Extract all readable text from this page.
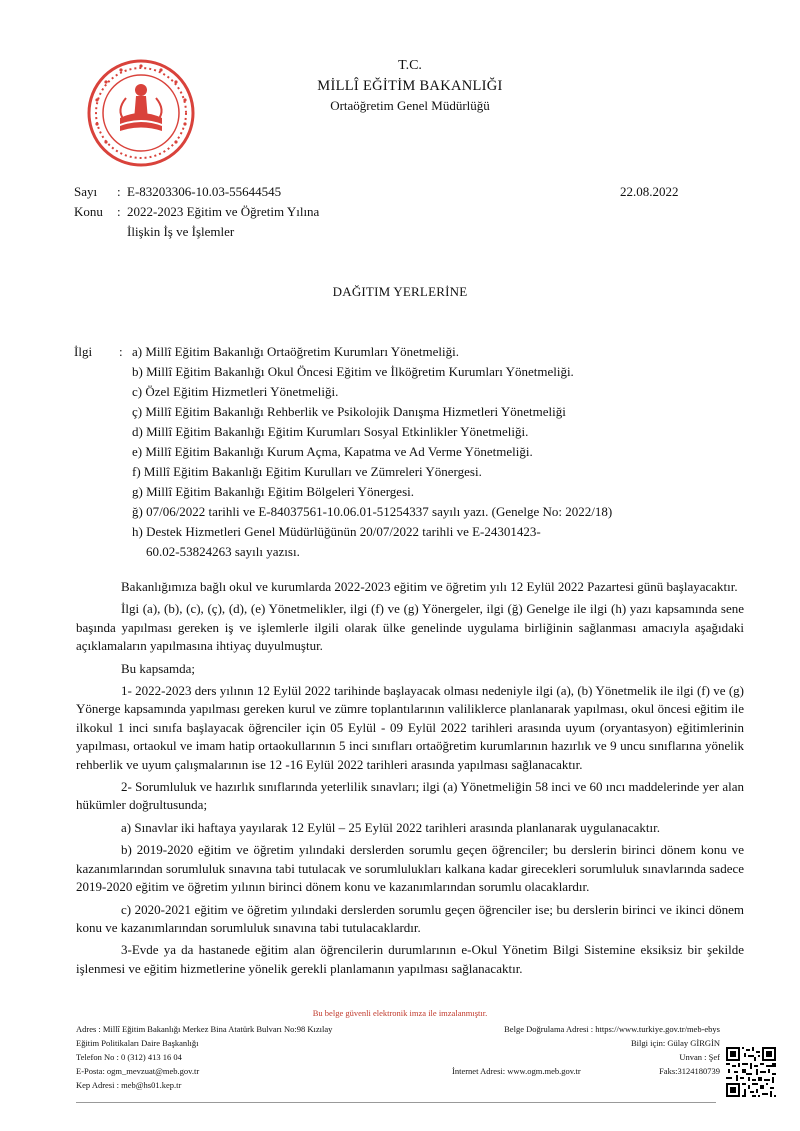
T.C.
MİLLÎ EĞİTİM BAKANLIĞI
Ortaöğretim Genel Müdürlüğü
Sayı : E-83203306-10.03-55644545	22.08.2022
Konu : 2022-2023 Eğitim ve Öğretim Yılına
İlişkin İş ve İşlemler
DAĞITIM YERLERİNE
İlgi : a) Millî Eğitim Bakanlığı Ortaöğretim Kurumları Yönetmeliği.
b) Millî Eğitim Bakanlığı Okul Öncesi Eğitim ve İlköğretim Kurumları Yönetmeliği.
c) Özel Eğitim Hizmetleri Yönetmeliği.
ç) Millî Eğitim Bakanlığı Rehberlik ve Psikolojik Danışma Hizmetleri Yönetmeliği
d) Millî Eğitim Bakanlığı Eğitim Kurumları Sosyal Etkinlikler Yönetmeliği.
e) Millî Eğitim Bakanlığı Kurum Açma, Kapatma ve Ad Verme Yönetmeliği.
f) Millî Eğitim Bakanlığı Eğitim Kurulları ve Zümreleri Yönergesi.
g) Millî Eğitim Bakanlığı Eğitim Bölgeleri Yönergesi.
ğ) 07/06/2022 tarihli ve E-84037561-10.06.01-51254337 sayılı yazı. (Genelge No: 2022/18)
h) Destek Hizmetleri Genel Müdürlüğünün 20/07/2022 tarihli ve E-24301423-
60.02-53824263 sayılı yazısı.

Bakanlığımıza bağlı okul ve kurumlarda 2022-2023 eğitim ve öğretim yılı 12 Eylül 2022 Pazartesi günü başlayacaktır.

İlgi (a), (b), (c), (ç), (d), (e) Yönetmelikler, ilgi (f) ve (g) Yönergeler, ilgi (ğ) Genelge ile ilgi (h) yazı kapsamında sene başında yapılması gereken iş ve işlemlerle ilgili olarak ülke genelinde uygulama birliğinin sağlanması amacıyla aşağıdaki açıklamaların yapılmasına ihtiyaç duyulmuştur.

Bu kapsamda;

1- 2022-2023 ders yılının 12 Eylül 2022 tarihinde başlayacak olması nedeniyle ilgi (a), (b) Yönetmelik ile ilgi (f) ve (g) Yönerge kapsamında yapılması gereken kurul ve zümre toplantılarının valiliklerce planlanarak yapılması, okul öncesi eğitim ile ilkokul 1 inci sınıfa başlayacak öğrenciler için 05 Eylül - 09 Eylül 2022 tarihleri arasında uyum (oryantasyon) eğitimlerinin yapılması, ortaokul ve imam hatip ortaokullarının 5 inci sınıfları ortaöğretim kurumlarının hazırlık ve 9 uncu sınıflarına yönelik rehberlik ve uyum çalışmalarının ise 12 -16 Eylül 2022 tarihleri arasında yapılması sağlanacaktır.

2- Sorumluluk ve hazırlık sınıflarında yeterlilik sınavları; ilgi (a) Yönetmeliğin 58 inci ve 60 ıncı maddelerinde yer alan hükümler doğrultusunda;

a) Sınavlar iki haftaya yayılarak 12 Eylül – 25 Eylül 2022 tarihleri arasında planlanarak uygulanacaktır.

b) 2019-2020 eğitim ve öğretim yılındaki derslerden sorumlu geçen öğrenciler; bu derslerin birinci dönem konu ve kazanımlarından sorumluluk sınavına tabi tutulacak ve sorumlulukları kalkana kadar girecekleri sorumluluk sınavlarında sadece 2019-2020 eğitim ve öğretim yılının birinci dönem konu ve kazanımlarından sorumlu olacaklardır.

c) 2020-2021 eğitim ve öğretim yılındaki derslerden sorumlu geçen öğrenciler ise; bu derslerin birinci ve ikinci dönem konu ve kazanımlarından sorumluluk sınavına tabi tutulacaklardır.

3-Evde ya da hastanede eğitim alan öğrencilerin durumlarının e-Okul Yönetim Bilgi Sistemine eksiksiz bir şekilde işlenmesi ve eğitim hizmetlerine yönelik gerekli planlamanın yapılması sağlanacaktır.

Bu belge güvenli elektronik imza ile imzalanmıştır.
Adres : Millî Eğitim Bakanlığı Merkez Bina Atatürk Bulvarı No:98 Kızılay
Eğitim Politikaları Daire Başkanlığı
Telefon No : 0 (312) 413 16 04
E-Posta: ogm_mevzuat@meb.gov.tr
Kep Adresi : meb@hs01.kep.tr
Belge Doğrulama Adresi : https://www.turkiye.gov.tr/meb-ebys
Bilgi için: Gülay GİRGİN
Unvan : Şef
İnternet Adresi: www.ogm.meb.gov.tr	Faks:3124180739
